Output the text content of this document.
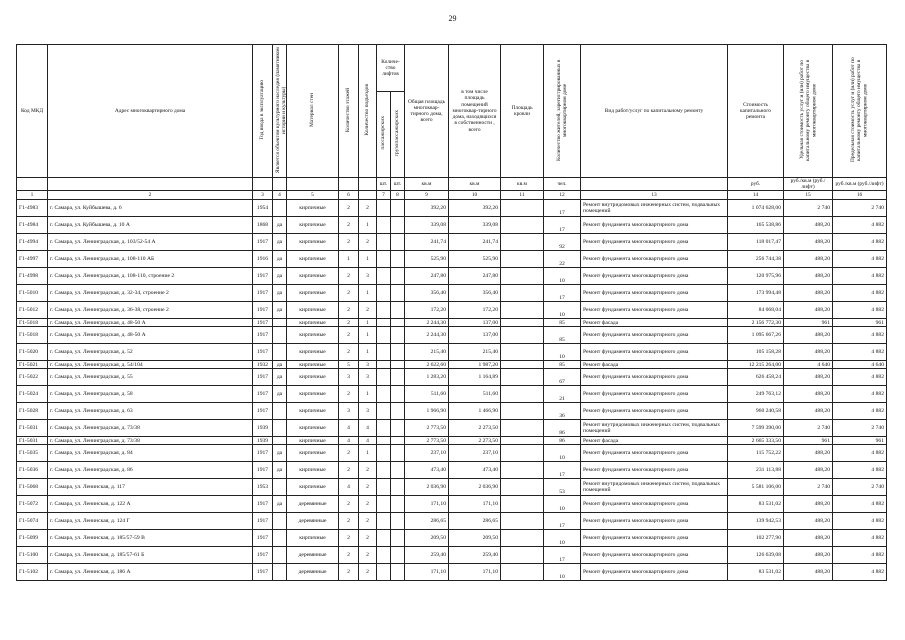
29
Код МКД	Адрес многоквартирного дома	Год ввода в эксплуатацию	Является объектом культурного наследия (памятником истории и культуры)	Материал стен	Количество этажей	Количество подъездов	Количе-ство лифтов		Общая площадь многоквар-тирного дома, всего	в том числе площадь помещений многоквар-тирного дома, находящихся в собственности , всего	Площадь кровли	Количество жителей, зарегистрированных в многоквартирном доме	Вид работ/услуг по капитальному ремонту	Стоимость капитального ремонта	Удельная стоимость услуг и (или) работ по капитальному ремонту общего имущества в многоквартирном доме	Предельная стоимость услуг и (или) работ по капитальному ремонту общего имущества в многоквартирном доме
							пассажирских	грузопассажирских								
							шт.	шт.	кв.м	кв.м	кв.м	чел.		руб.	руб./кв.м (руб./лифт)	руб./кв.м (руб./лифт)
1	2	3	4	5	6		7	8	9	10	11	12	13	14	15	16
Г1-4983	г. Самара, ул. Куйбышева, д. 6	1954		кирпичные	2	2			392,20	392,20		17	Ремонт внутридомовых инженерных систем, подвальных помещений	1 074 628,00	2 740	2 740
Г1-4984	г. Самара, ул. Куйбышева, д. 10 А	1868	да	кирпичные	2	1			339,08	339,08		17	Ремонт фундамента многоквартирного дома	165 538,86	488,20	4 882
Г1-4994	г. Самара, ул. Ленинградская, д. 103/52-54 А	1917	да	кирпичные	2	2			241,74	241,74		92	Ремонт фундамента многоквартирного дома	118 017,47	488,20	4 882
Г1-4997	г. Самара, ул. Ленинградская, д. 108-110 АБ	1916	да	кирпичные	1	1			525,90	525,90		22	Ремонт фундамента многоквартирного дома	256 744,38	488,20	4 882
Г1-4998	г. Самара, ул. Ленинградская, д. 108-110, строение 2	1917	да	кирпичные	2	3			247,80	247,80		10	Ремонт фундамента многоквартирного дома	120 975,96	488,20	4 882
Г1-5010	г. Самара, ул. Ленинградская, д. 32-34, строение 2	1917	да	кирпичные	2	1			356,40	356,40		17	Ремонт фундамента многоквартирного дома	173 994,48	488,20	4 882
Г1-5012	г. Самара, ул. Ленинградская, д. 36-38, строение 2	1917	да	кирпичные	2	2			172,20	172,20		10	Ремонт фундамента многоквартирного дома	84 068,04	488,20	4 882
Г1-5018	г. Самара, ул. Ленинградская, д. 48-50 А	1917		кирпичные	2	1			2 244,30	137,00		85	Ремонт фасада	2 156 772,30	961	961
Г1-5018	г. Самара, ул. Ленинградская, д. 48-50 А	1917		кирпичные	2	1			2 244,30	137,00		85	Ремонт фундамента многоквартирного дома	1 095 667,26	488,20	4 882
Г1-5020	г. Самара, ул. Ленинградская, д. 52	1917		кирпичные	2	1			215,40	215,40		10	Ремонт фундамента многоквартирного дома	105 158,28	488,20	4 882
Г1-5021	г. Самара, ул. Ленинградская, д. 54/104	1932	да	кирпичные	5	3			2 622,60	1 987,20		85	Ремонт фасада	12 215 264,00	4 640	4 640
Г1-5022	г. Самара, ул. Ленинградская, д. 55	1917	да	кирпичные	3	3			1 283,20	1 164,89		67	Ремонт фундамента многоквартирного дома	626 458,24	488,20	4 882
Г1-5024	г. Самара, ул. Ленинградская, д. 58	1917	да	кирпичные	2	1			511,60	511,60		21	Ремонт фундамента многоквартирного дома	249 763,12	488,20	4 882
Г1-5028	г. Самара, ул. Ленинградская, д. 63	1917		кирпичные	3	3			1 966,90	1 466,90		36	Ремонт фундамента многоквартирного дома	960 240,58	488,20	4 882
Г1-5031	г. Самара, ул. Ленинградская, д. 73/38	1939		кирпичные	4	4			2 773,50	2 273,50		86	Ремонт внутридомовых инженерных систем, подвальных помещений	7 599 390,00	2 740	2 740
Г1-5031	г. Самара, ул. Ленинградская, д. 73/38	1939		кирпичные	4	4			2 773,50	2 273,50		86	Ремонт фасада	2 665 333,50	961	961
Г1-5035	г. Самара, ул. Ленинградская, д. 84	1917	да	кирпичные	2	1			237,10	237,10		10	Ремонт фундамента многоквартирного дома	115 752,22	488,20	4 882
Г1-5036	г. Самара, ул. Ленинградская, д. 86	1917	да	кирпичные	2	2			473,40	473,40		17	Ремонт фундамента многоквартирного дома	231 113,88	488,20	4 882
Г1-5068	г. Самара, ул. Ленинская, д. 117	1953		кирпичные	4	2			2 036,90	2 036,90		53	Ремонт внутридомовых инженерных систем, подвальных помещений	5 581 106,00	2 740	2 740
Г1-5072	г. Самара, ул. Ленинская, д. 122 А	1917	да	деревянные	2	2			171,10	171,10		10	Ремонт фундамента многоквартирного дома	83 531,02	488,20	4 882
Г1-5074	г. Самара, ул. Ленинская, д. 124 Г	1917		деревянные	2	2			286,65	286,65		17	Ремонт фундамента многоквартирного дома	139 942,53	488,20	4 882
Г1-5099	г. Самара, ул. Ленинская, д. 185/57-59 В	1917		кирпичные	2	2			209,50	209,50		10	Ремонт фундамента многоквартирного дома	102 277,90	488,20	4 882
Г1-5100	г. Самара, ул. Ленинская, д. 185/57-61 Б	1917		деревянные	2	2			259,40	259,40		17	Ремонт фундамента многоквартирного дома	126 639,08	488,20	4 882
Г1-5102	г. Самара, ул. Ленинская, д. 186 А	1917		деревянные	2	2			171,10	171,10		10	Ремонт фундамента многоквартирного дома	83 531,02	488,20	4 882
